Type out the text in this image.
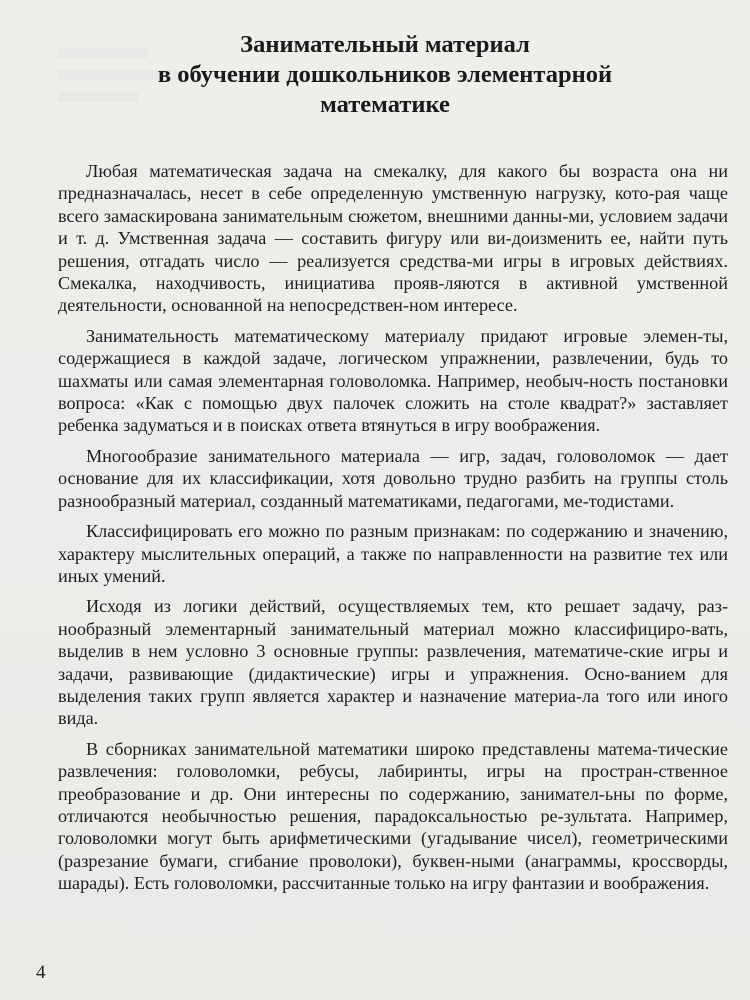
Занимательный материал
в обучении дошкольников элементарной
математике

Любая математическая задача на смекалку, для какого бы возраста она ни предназначалась, несет в себе определенную умственную нагрузку, кото-рая чаще всего замаскирована занимательным сюжетом, внешними данны-ми, условием задачи и т. д. Умственная задача — составить фигуру или ви-доизменить ее, найти путь решения, отгадать число — реализуется средства-ми игры в игровых действиях. Смекалка, находчивость, инициатива прояв-ляются в активной умственной деятельности, основанной на непосредствен-ном интересе.

Занимательность математическому материалу придают игровые элемен-ты, содержащиеся в каждой задаче, логическом упражнении, развлечении, будь то шахматы или самая элементарная головоломка. Например, необыч-ность постановки вопроса: «Как с помощью двух палочек сложить на столе квадрат?» заставляет ребенка задуматься и в поисках ответа втянуться в игру воображения.

Многообразие занимательного материала — игр, задач, головоломок — дает основание для их классификации, хотя довольно трудно разбить на группы столь разнообразный материал, созданный математиками, педагогами, ме-тодистами.

Классифицировать его можно по разным признакам: по содержанию и значению, характеру мыслительных операций, а также по направленности на развитие тех или иных умений.

Исходя из логики действий, осуществляемых тем, кто решает задачу, раз-нообразный элементарный занимательный материал можно классифициро-вать, выделив в нем условно 3 основные группы: развлечения, математиче-ские игры и задачи, развивающие (дидактические) игры и упражнения. Осно-ванием для выделения таких групп является характер и назначение материа-ла того или иного вида.

В сборниках занимательной математики широко представлены матема-тические развлечения: головоломки, ребусы, лабиринты, игры на простран-ственное преобразование и др. Они интересны по содержанию, занимател-ьны по форме, отличаются необычностью решения, парадоксальностью ре-зультата. Например, головоломки могут быть арифметическими (угадывание чисел), геометрическими (разрезание бумаги, сгибание проволоки), буквен-ными (анаграммы, кроссворды, шарады). Есть головоломки, рассчитанные только на игру фантазии и воображения.

4
